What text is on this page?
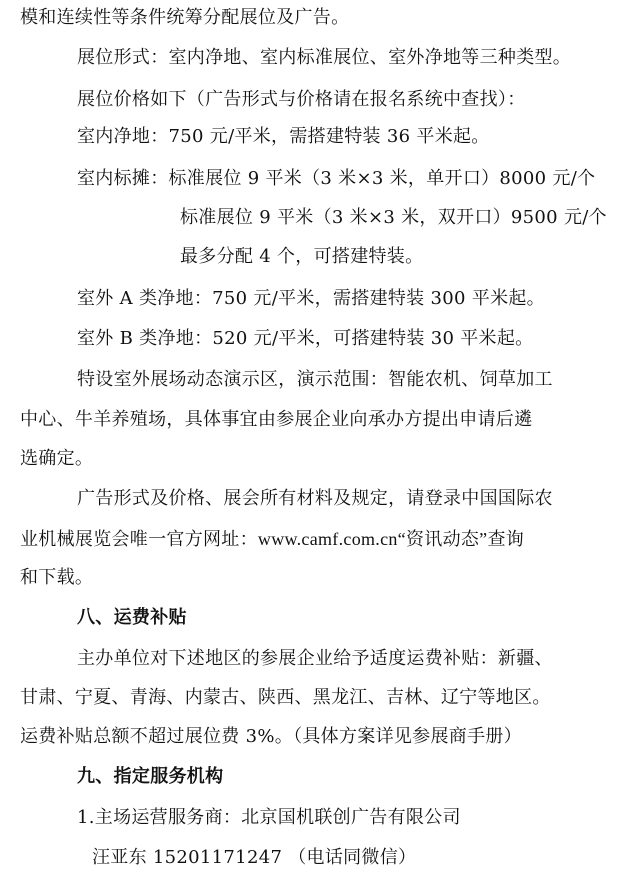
模和连续性等条件统筹分配展位及广告。
展位形式：室内净地、室内标准展位、室外净地等三种类型。
展位价格如下（广告形式与价格请在报名系统中查找）：
室内净地：750 元/平米，需搭建特装 36 平米起。
室内标摊：标准展位 9 平米（3 米×3 米，单开口）8000 元/个
标准展位 9 平米（3 米×3 米，双开口）9500 元/个
最多分配 4 个，可搭建特装。
室外 A 类净地：750 元/平米，需搭建特装 300 平米起。
室外 B 类净地：520 元/平米，可搭建特装 30 平米起。
特设室外展场动态演示区，演示范围：智能农机、饲草加工
中心、牛羊养殖场，具体事宜由参展企业向承办方提出申请后遴
选确定。
广告形式及价格、展会所有材料及规定，请登录中国国际农
业机械展览会唯一官方网址：www.camf.com.cn“资讯动态”查询
和下载。
八、运费补贴
主办单位对下述地区的参展企业给予适度运费补贴：新疆、
甘肃、宁夏、青海、内蒙古、陕西、黑龙江、吉林、辽宁等地区。
运费补贴总额不超过展位费 3%。（具体方案详见参展商手册）
九、指定服务机构
1.主场运营服务商：北京国机联创广告有限公司
汪亚东 15201171247 （电话同微信）
